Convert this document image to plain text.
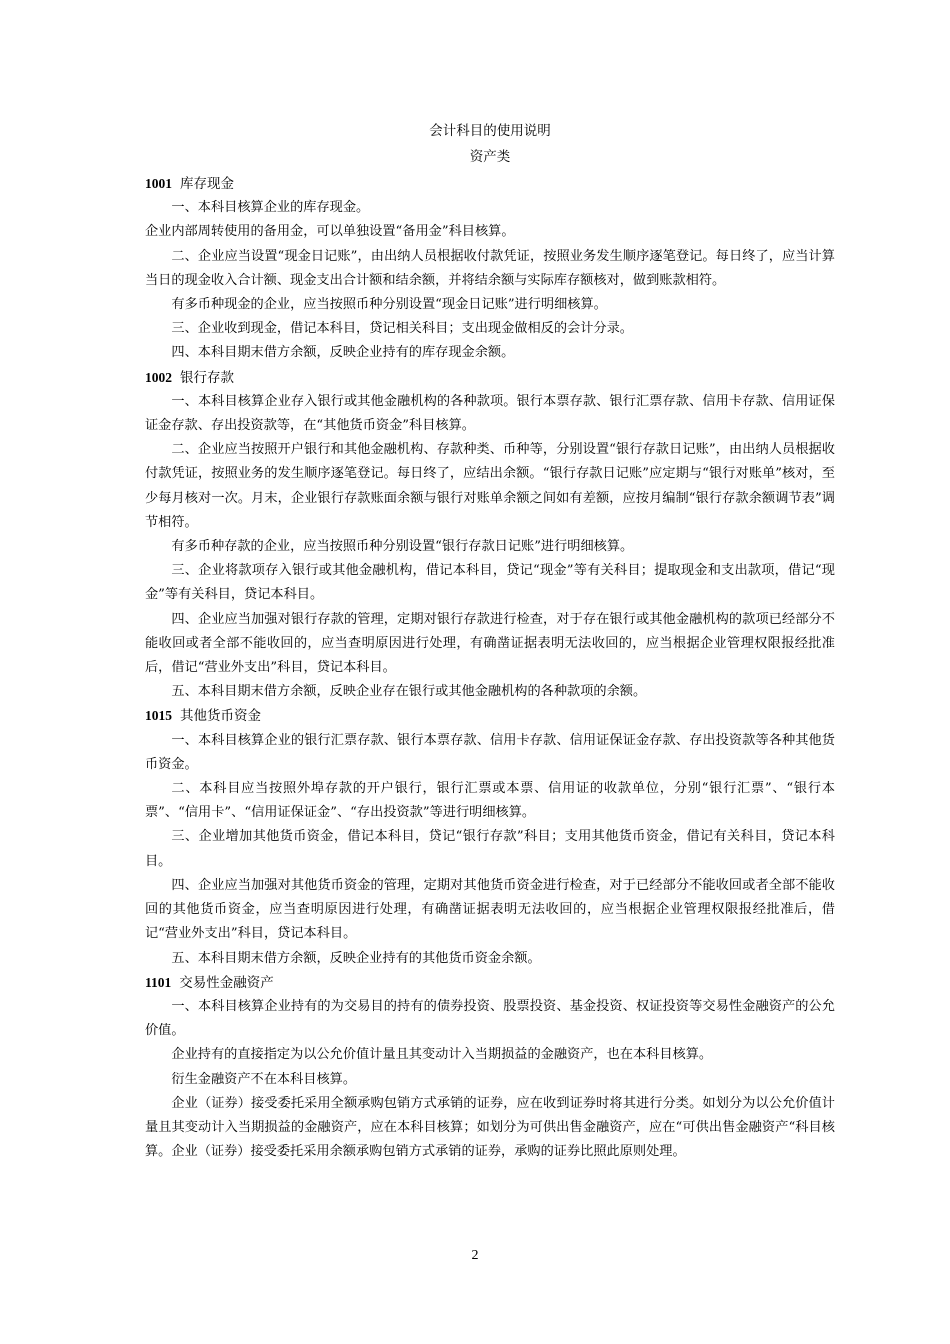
会计科目的使用说明

资产类

1001 库存现金

一、本科目核算企业的库存现金。

企业内部周转使用的备用金，可以单独设置“备用金”科目核算。

二、企业应当设置“现金日记账”，由出纳人员根据收付款凭证，按照业务发生顺序逐笔登记。每日终了，应当计算当日的现金收入合计额、现金支出合计额和结余额，并将结余额与实际库存额核对，做到账款相符。

有多币种现金的企业，应当按照币种分别设置“现金日记账”进行明细核算。

三、企业收到现金，借记本科目，贷记相关科目；支出现金做相反的会计分录。

四、本科目期末借方余额，反映企业持有的库存现金余额。

1002 银行存款

一、本科目核算企业存入银行或其他金融机构的各种款项。银行本票存款、银行汇票存款、信用卡存款、信用证保证金存款、存出投资款等，在“其他货币资金”科目核算。

二、企业应当按照开户银行和其他金融机构、存款种类、币种等，分别设置“银行存款日记账”，由出纳人员根据收付款凭证，按照业务的发生顺序逐笔登记。每日终了，应结出余额。“银行存款日记账”应定期与“银行对账单”核对，至少每月核对一次。月末，企业银行存款账面余额与银行对账单余额之间如有差额，应按月编制“银行存款余额调节表”调节相符。

有多币种存款的企业，应当按照币种分别设置“银行存款日记账”进行明细核算。

三、企业将款项存入银行或其他金融机构，借记本科目，贷记“现金”等有关科目；提取现金和支出款项，借记“现金”等有关科目，贷记本科目。

四、企业应当加强对银行存款的管理，定期对银行存款进行检查，对于存在银行或其他金融机构的款项已经部分不能收回或者全部不能收回的，应当查明原因进行处理，有确凿证据表明无法收回的，应当根据企业管理权限报经批准后，借记“营业外支出”科目，贷记本科目。

五、本科目期末借方余额，反映企业存在银行或其他金融机构的各种款项的余额。

1015 其他货币资金

一、本科目核算企业的银行汇票存款、银行本票存款、信用卡存款、信用证保证金存款、存出投资款等各种其他货币资金。

二、本科目应当按照外埠存款的开户银行，银行汇票或本票、信用证的收款单位，分别“银行汇票”、“银行本票”、“信用卡”、“信用证保证金”、“存出投资款”等进行明细核算。

三、企业增加其他货币资金，借记本科目，贷记“银行存款”科目；支用其他货币资金，借记有关科目，贷记本科目。

四、企业应当加强对其他货币资金的管理，定期对其他货币资金进行检查，对于已经部分不能收回或者全部不能收回的其他货币资金，应当查明原因进行处理，有确凿证据表明无法收回的，应当根据企业管理权限报经批准后，借记“营业外支出”科目，贷记本科目。

五、本科目期末借方余额，反映企业持有的其他货币资金余额。

1101 交易性金融资产

一、本科目核算企业持有的为交易目的持有的债券投资、股票投资、基金投资、权证投资等交易性金融资产的公允价值。

企业持有的直接指定为以公允价值计量且其变动计入当期损益的金融资产，也在本科目核算。

衍生金融资产不在本科目核算。

企业（证券）接受委托采用全额承购包销方式承销的证券，应在收到证券时将其进行分类。如划分为以公允价值计量且其变动计入当期损益的金融资产，应在本科目核算；如划分为可供出售金融资产，应在“可供出售金融资产“科目核算。企业（证券）接受委托采用余额承购包销方式承销的证券，承购的证券比照此原则处理。

2
